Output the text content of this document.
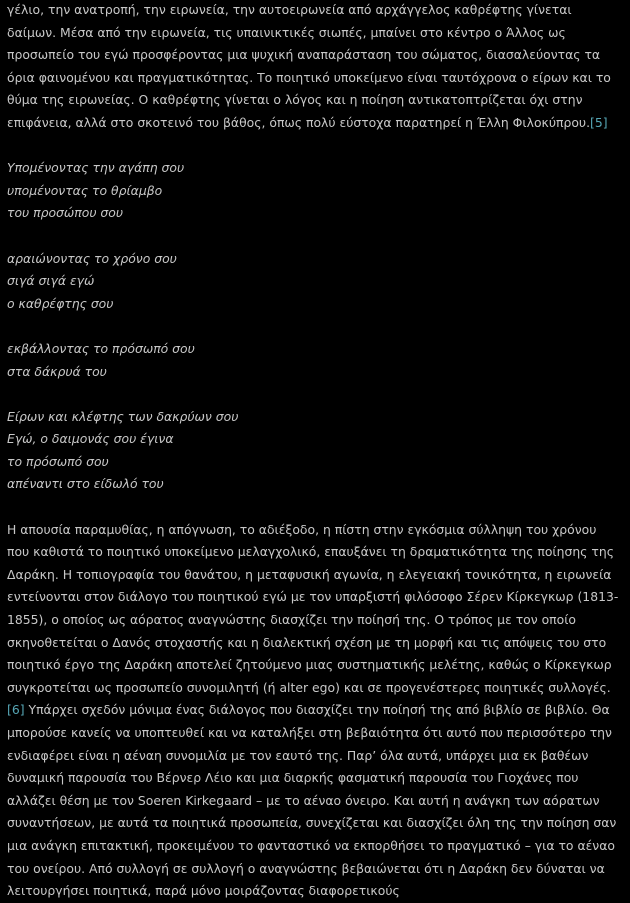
γέλιο, την ανατροπή, την ειρωνεία, την αυτοειρωνεία από αρχάγγελος καθρέφτης γίνεται δαίμων. Μέσα από την ειρωνεία, τις υπαινικτικές σιωπές, μπαίνει στο κέντρο ο Άλλος ως προσωπείο του εγώ προσφέροντας μια ψυχική αναπαράσταση του σώματος, διασαλεύοντας τα όρια φαινομένου και πραγματικότητας. Το ποιητικό υποκείμενο είναι ταυτόχρονα ο είρων και το θύμα της ειρωνείας. Ο καθρέφτης γίνεται ο λόγος και η ποίηση αντικατοπτρίζεται όχι στην επιφάνεια, αλλά στο σκοτεινό του βάθος, όπως πολύ εύστοχα παρατηρεί η Έλλη Φιλοκύπρου.[5]

Υπομένοντας την αγάπη σου

υπομένοντας το θρίαμβο

του προσώπου σου

αραιώνοντας το χρόνο σου

σιγά σιγά εγώ

ο καθρέφτης σου

εκβάλλοντας το πρόσωπό σου

στα δάκρυά του

Είρων και κλέφτης των δακρύων σου

Εγώ, ο δαιμονάς σου έγινα

το πρόσωπό σου

απέναντι στο είδωλό του

Η απουσία παραμυθίας, η απόγνωση, το αδιέξοδο, η πίστη στην εγκόσμια σύλληψη του χρόνου που καθιστά το ποιητικό υποκείμενο μελαγχολικό, επαυξάνει τη δραματικότητα της ποίησης της Δαράκη. Η τοπιογραφία του θανάτου, η μεταφυσική αγωνία, η ελεγειακή τονικότητα, η ειρωνεία εντείνονται στον διάλογο του ποιητικού εγώ με τον υπαρξιστή φιλόσοφο Σέρεν Κίρκεγκωρ (1813-1855), ο οποίος ως αόρατος αναγνώστης διασχίζει την ποίησή της. Ο τρόπος με τον οποίο σκηνοθετείται ο Δανός στοχαστής και η διαλεκτική σχέση με τη μορφή και τις απόψεις του στο ποιητικό έργο της Δαράκη αποτελεί ζητούμενο μιας συστηματικής μελέτης, καθώς ο Κίρκεγκωρ συγκροτείται ως προσωπείο συνομιλητή (ή alter ego) και σε προγενέστερες ποιητικές συλλογές.[6] Υπάρχει σχεδόν μόνιμα ένας διάλογος που διασχίζει την ποίησή της από βιβλίο σε βιβλίο. Θα μπορούσε κανείς να υποπτευθεί και να καταλήξει στη βεβαιότητα ότι αυτό που περισσότερο την ενδιαφέρει είναι η αέναη συνομιλία με τον εαυτό της. Παρ’ όλα αυτά, υπάρχει μια εκ βαθέων δυναμική παρουσία του Βέρνερ Λέιο και μια διαρκής φασματική παρουσία του Γιοχάνες που αλλάζει θέση με τον Soeren Kirkegaard – με το αέναο όνειρο. Και αυτή η ανάγκη των αόρατων συναντήσεων, με αυτά τα ποιητικά προσωπεία, συνεχίζεται και διασχίζει όλη της την ποίηση σαν μια ανάγκη επιτακτική, προκειμένου το φανταστικό να εκπορθήσει το πραγματικό – για το αέναο του ονείρου. Από συλλογή σε συλλογή ο αναγνώστης βεβαιώνεται ότι η Δαράκη δεν δύναται να λειτουργήσει ποιητικά, παρά μόνο μοιράζοντας διαφορετικούς
